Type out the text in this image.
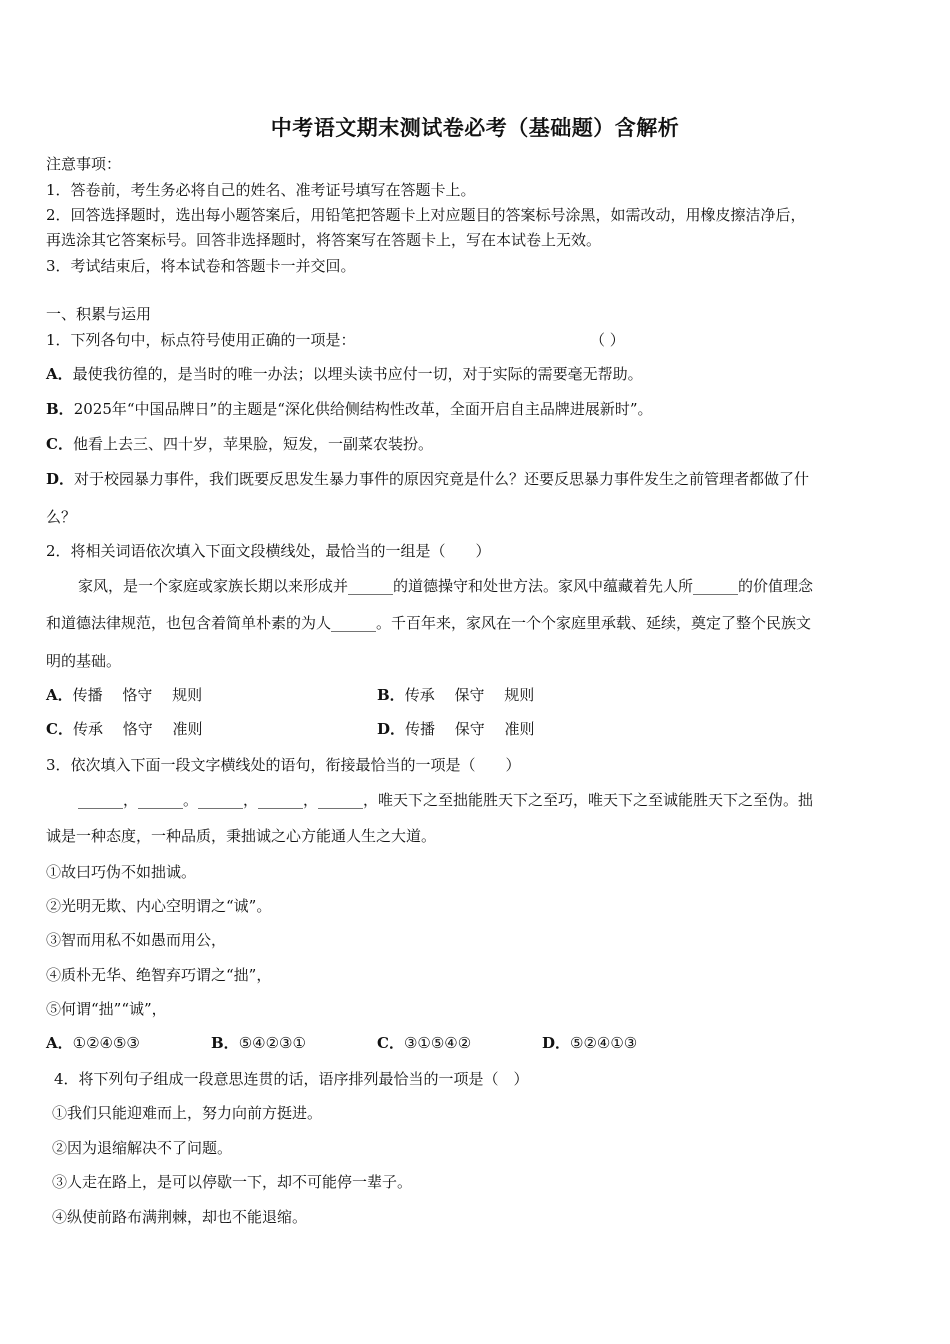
中考语文期末测试卷必考（基础题）含解析
注意事项：
1．答卷前，考生务必将自己的姓名、准考证号填写在答题卡上。
2．回答选择题时，选出每小题答案后，用铅笔把答题卡上对应题目的答案标号涂黑，如需改动，用橡皮擦洁净后，
再选涂其它答案标号。回答非选择题时，将答案写在答题卡上，写在本试卷上无效。
3．考试结束后，将本试卷和答题卡一并交回。
一、积累与运用
1．下列各句中，标点符号使用正确的一项是：	（ ）
A．最使我彷徨的，是当时的唯一办法；以埋头读书应付一切，对于实际的需要毫无帮助。
B．2025年“中国品牌日”的主题是“深化供给侧结构性改革，全面开启自主品牌进展新时”。
C．他看上去三、四十岁，苹果脸，短发，一副菜农装扮。
D．对于校园暴力事件，我们既要反思发生暴力事件的原因究竟是什么？还要反思暴力事件发生之前管理者都做了什
么？
2．将相关词语依次填入下面文段横线处，最恰当的一组是（　　）
家风，是一个家庭或家族长期以来形成并______的道德操守和处世方法。家风中蕴藏着先人所______的价值理念
和道德法律规范，也包含着简单朴素的为人______。千百年来，家风在一个个家庭里承载、延续，奠定了整个民族文
明的基础。
A．传播　 恪守　 规则	B．传承　 保守　 规则
C．传承　 恪守　 准则	D．传播　 保守　 准则
3．依次填入下面一段文字横线处的语句，衔接最恰当的一项是（　　）
______，______。______，______，______，唯天下之至拙能胜天下之至巧，唯天下之至诚能胜天下之至伪。拙
诚是一种态度，一种品质，秉拙诚之心方能通人生之大道。
①故曰巧伪不如拙诚。
②光明无欺、内心空明谓之“诚”。
③智而用私不如愚而用公，
④质朴无华、绝智弃巧谓之“拙”，
⑤何谓“拙”“诚”，
A．①②④⑤③	B．⑤④②③①	C．③①⑤④②	D．⑤②④①③
4．将下列句子组成一段意思连贯的话，语序排列最恰当的一项是（　）
①我们只能迎难而上，努力向前方挺进。
②因为退缩解决不了问题。
③人走在路上，是可以停歇一下，却不可能停一辈子。
④纵使前路布满荆棘，却也不能退缩。
